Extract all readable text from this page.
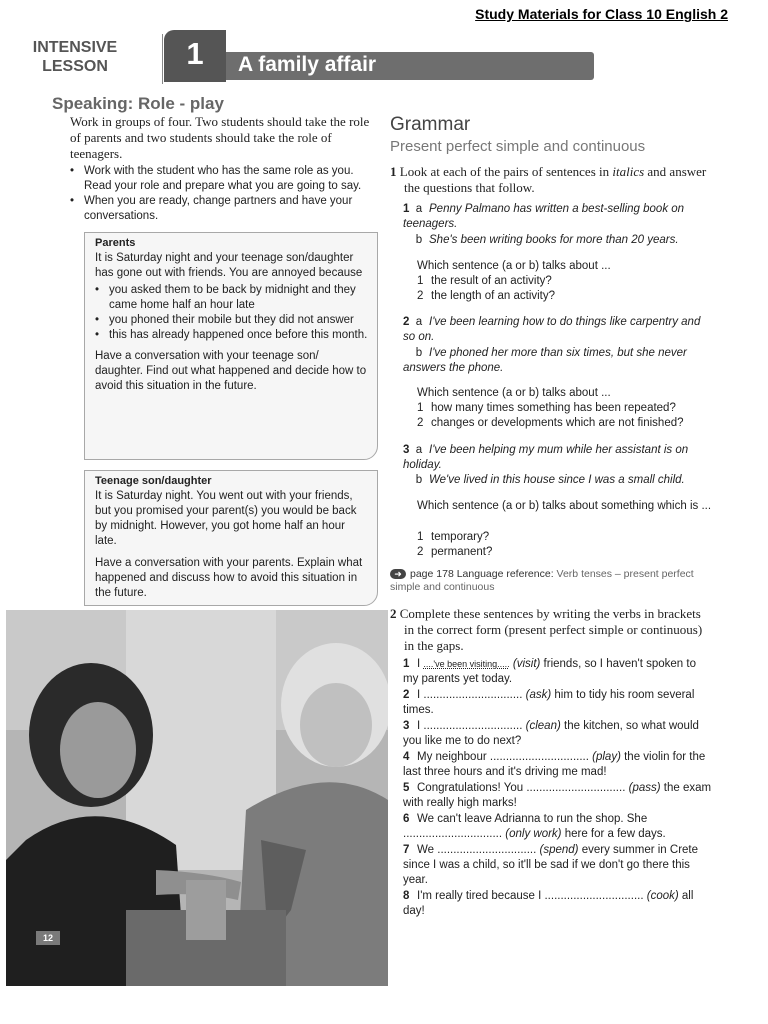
Study Materials for Class 10 English 2
INTENSIVE
LESSON	1	A family affair
Speaking: Role - play
Work in groups of four. Two students should take the role of parents and two students should take the role of teenagers.
• Work with the student who has the same role as you. Read your role and prepare what you are going to say.
• When you are ready, change partners and have your conversations.
Parents

It is Saturday night and your teenage son/daughter has gone out with friends. You are annoyed because

• you asked them to be back by midnight and they came home half an hour late
• you phoned their mobile but they did not answer
• this has already happened once before this month.

Have a conversation with your teenage son/ daughter. Find out what happened and decide how to avoid this situation in the future.

Teenage son/daughter

It is Saturday night. You went out with your friends, but you promised your parent(s) you would be back by midnight. However, you got home half an hour late.

Have a conversation with your parents. Explain what happened and discuss how to avoid this situation in the future.

12
Grammar
Present perfect simple and continuous
1 Look at each of the pairs of sentences in italics and answer the questions that follow.
1  a Penny Palmano has written a best-selling book on teenagers.
b She's been writing books for more than 20 years.
Which sentence (a or b) talks about ...
1 the result of an activity?
2 the length of an activity?
2  a I've been learning how to do things like carpentry and so on.
b I've phoned her more than six times, but she never answers the phone.
Which sentence (a or b) talks about ...
1 how many times something has been repeated?
2 changes or developments which are not finished?
3  a I've been helping my mum while her assistant is on holiday.
b We've lived in this house since I was a small child.
Which sentence (a or b) talks about something which is ...
1 temporary?
2 permanent?
➜ page 178 Language reference: Verb tenses – present perfect simple and continuous
2 Complete these sentences by writing the verbs in brackets in the correct form (present perfect simple or continuous) in the gaps.
1 I ....'ve been visiting..... (visit) friends, so I haven't spoken to my parents yet today.
2 I ............................... (ask) him to tidy his room several times.
3 I ............................... (clean) the kitchen, so what would you like me to do next?
4 My neighbour ............................... (play) the violin for the last three hours and it's driving me mad!
5 Congratulations! You ............................... (pass) the exam with really high marks!
6 We can't leave Adrianna to run the shop. She ............................... (only work) here for a few days.
7 We ............................... (spend) every summer in Crete since I was a child, so it'll be sad if we don't go there this year.
8 I'm really tired because I ............................... (cook) all day!
